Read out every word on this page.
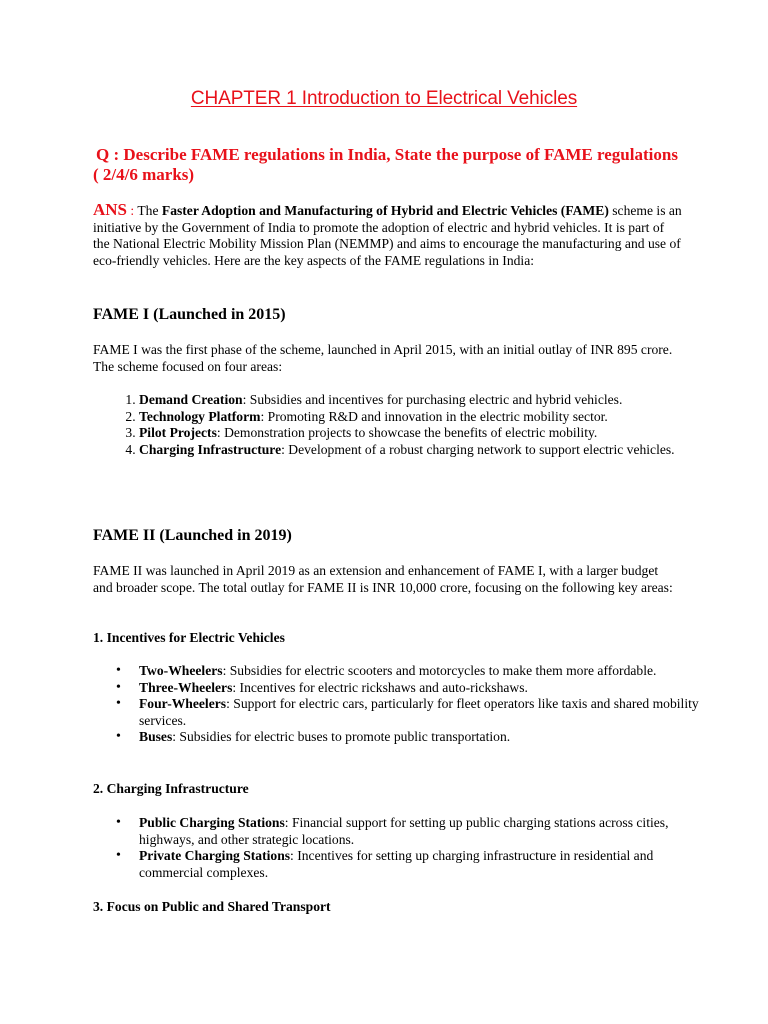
CHAPTER 1 Introduction to Electrical Vehicles

Q : Describe FAME regulations in India, State the purpose of FAME regulations ( 2/4/6 marks)

ANS : The Faster Adoption and Manufacturing of Hybrid and Electric Vehicles (FAME) scheme is an initiative by the Government of India to promote the adoption of electric and hybrid vehicles. It is part of the National Electric Mobility Mission Plan (NEMMP) and aims to encourage the manufacturing and use of eco-friendly vehicles. Here are the key aspects of the FAME regulations in India:

FAME I (Launched in 2015)

FAME I was the first phase of the scheme, launched in April 2015, with an initial outlay of INR 895 crore. The scheme focused on four areas:

1. Demand Creation: Subsidies and incentives for purchasing electric and hybrid vehicles.
2. Technology Platform: Promoting R&D and innovation in the electric mobility sector.
3. Pilot Projects: Demonstration projects to showcase the benefits of electric mobility.
4. Charging Infrastructure: Development of a robust charging network to support electric vehicles.
FAME II (Launched in 2019)

FAME II was launched in April 2019 as an extension and enhancement of FAME I, with a larger budget and broader scope. The total outlay for FAME II is INR 10,000 crore, focusing on the following key areas:

1. Incentives for Electric Vehicles
• Two-Wheelers: Subsidies for electric scooters and motorcycles to make them more affordable.
• Three-Wheelers: Incentives for electric rickshaws and auto-rickshaws.
• Four-Wheelers: Support for electric cars, particularly for fleet operators like taxis and shared mobility services.
• Buses: Subsidies for electric buses to promote public transportation.
2. Charging Infrastructure
• Public Charging Stations: Financial support for setting up public charging stations across cities, highways, and other strategic locations.
• Private Charging Stations: Incentives for setting up charging infrastructure in residential and commercial complexes.
3. Focus on Public and Shared Transport
